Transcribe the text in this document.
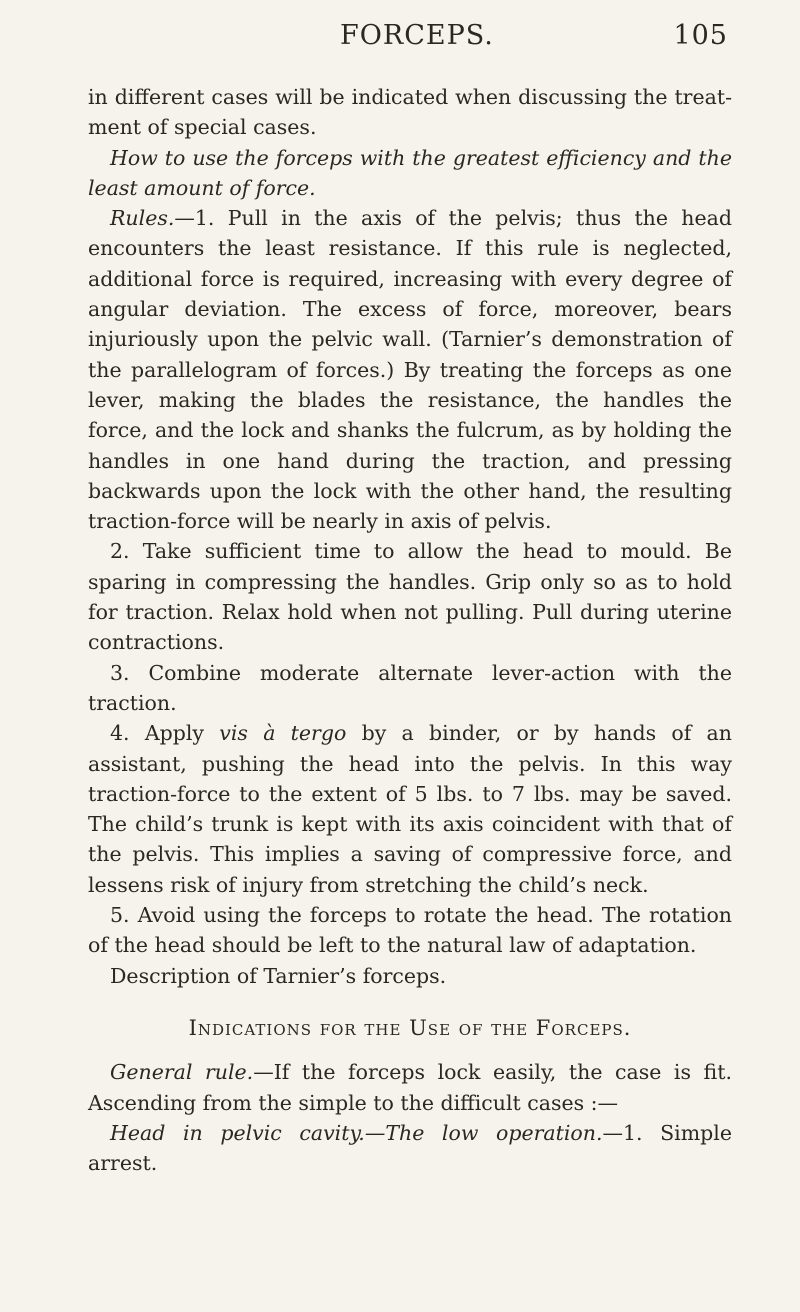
FORCEPS.	105

in different cases will be indicated when discussing the treat-ment of special cases.

How to use the forceps with the greatest efficiency and the least amount of force.

Rules.—1. Pull in the axis of the pelvis; thus the head encounters the least resistance. If this rule is neglected, additional force is required, increasing with every degree of angular deviation. The excess of force, moreover, bears injuriously upon the pelvic wall. (Tarnier’s demonstration of the parallelogram of forces.) By treating the forceps as one lever, making the blades the resistance, the handles the force, and the lock and shanks the fulcrum, as by holding the handles in one hand during the traction, and pressing backwards upon the lock with the other hand, the resulting traction-force will be nearly in axis of pelvis.

2. Take sufficient time to allow the head to mould. Be sparing in compressing the handles. Grip only so as to hold for traction. Relax hold when not pulling. Pull during uterine contractions.

3. Combine moderate alternate lever-action with the traction.

4. Apply vis à tergo by a binder, or by hands of an assistant, pushing the head into the pelvis. In this way traction-force to the extent of 5 lbs. to 7 lbs. may be saved. The child’s trunk is kept with its axis coincident with that of the pelvis. This implies a saving of compressive force, and lessens risk of injury from stretching the child’s neck.

5. Avoid using the forceps to rotate the head. The rotation of the head should be left to the natural law of adaptation.

Description of Tarnier’s forceps.

Indications for the Use of the Forceps.

General rule.—If the forceps lock easily, the case is fit. Ascending from the simple to the difficult cases :—

Head in pelvic cavity.—The low operation.—1. Simple arrest.
